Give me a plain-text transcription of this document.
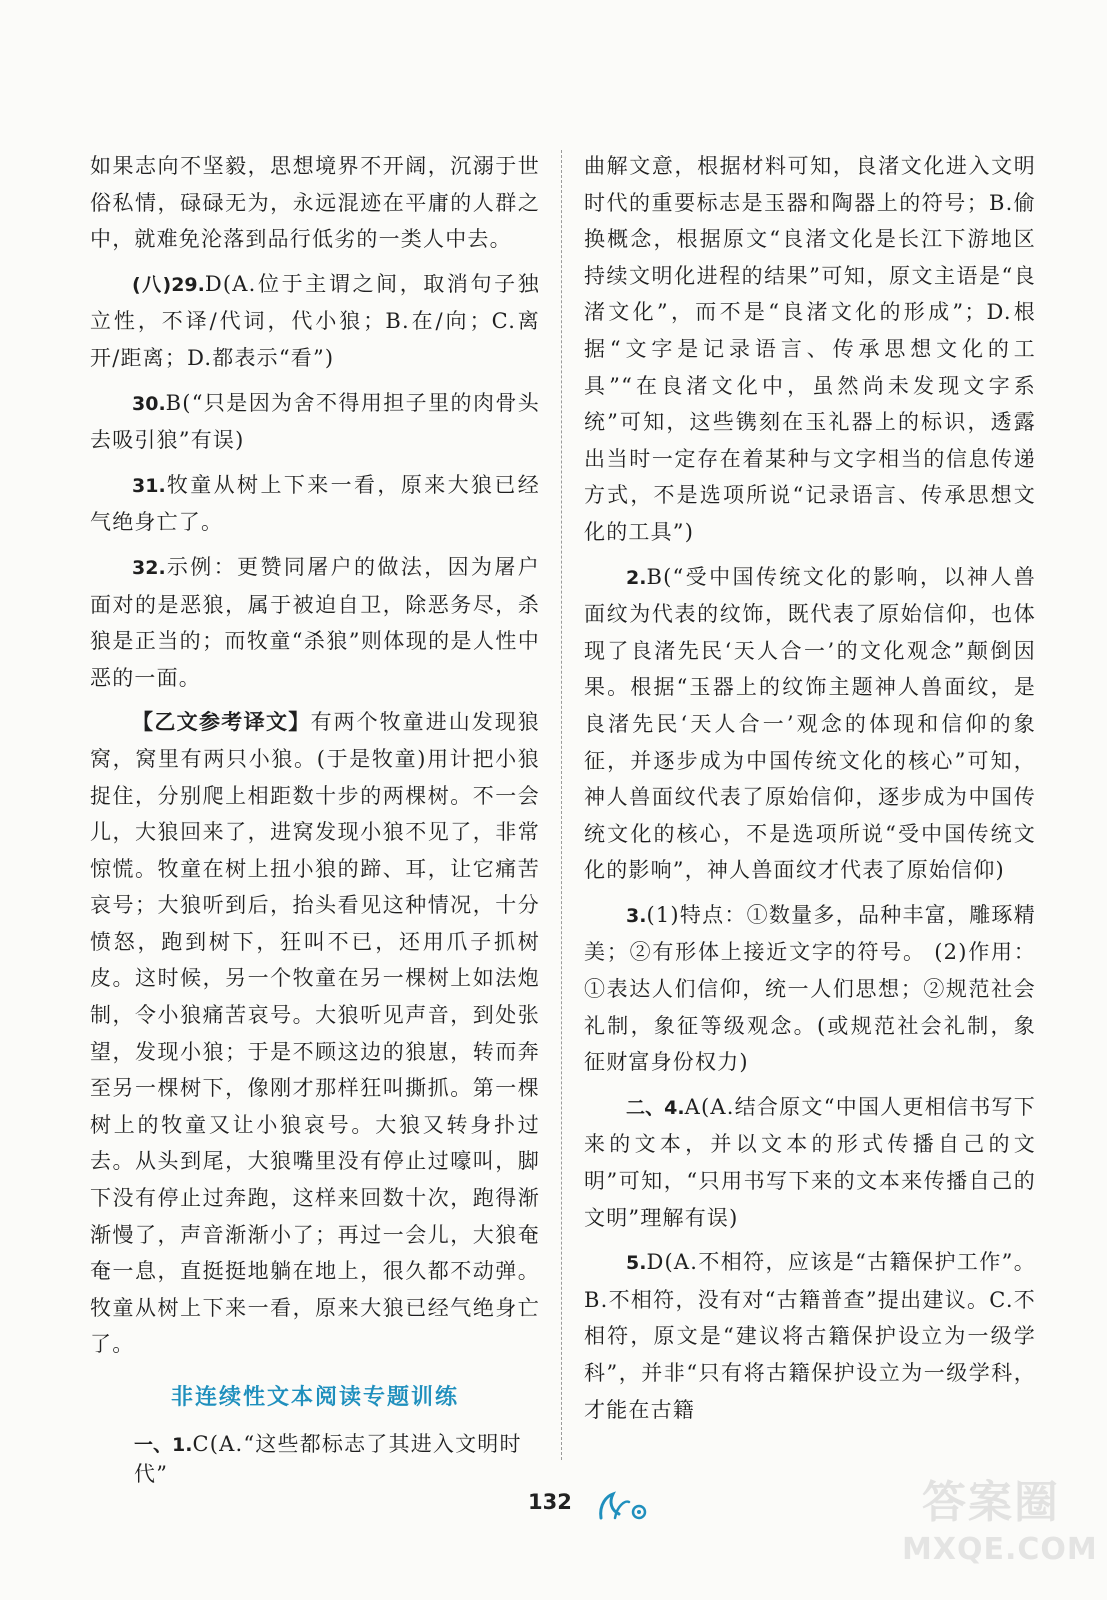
如果志向不坚毅，思想境界不开阔，沉溺于世俗私情，碌碌无为，永远混迹在平庸的人群之中，就难免沦落到品行低劣的一类人中去。

(八)29.D(A.位于主谓之间，取消句子独立性，不译/代词，代小狼；B.在/向；C.离开/距离；D.都表示“看”)

30.B(“只是因为舍不得用担子里的肉骨头去吸引狼”有误)

31.牧童从树上下来一看，原来大狼已经气绝身亡了。

32.示例：更赞同屠户的做法，因为屠户面对的是恶狼，属于被迫自卫，除恶务尽，杀狼是正当的；而牧童“杀狼”则体现的是人性中恶的一面。

【乙文参考译文】有两个牧童进山发现狼窝，窝里有两只小狼。(于是牧童)用计把小狼捉住，分别爬上相距数十步的两棵树。不一会儿，大狼回来了，进窝发现小狼不见了，非常惊慌。牧童在树上扭小狼的蹄、耳，让它痛苦哀号；大狼听到后，抬头看见这种情况，十分愤怒，跑到树下，狂叫不已，还用爪子抓树皮。这时候，另一个牧童在另一棵树上如法炮制，令小狼痛苦哀号。大狼听见声音，到处张望，发现小狼；于是不顾这边的狼崽，转而奔至另一棵树下，像刚才那样狂叫撕抓。第一棵树上的牧童又让小狼哀号。大狼又转身扑过去。从头到尾，大狼嘴里没有停止过嚎叫，脚下没有停止过奔跑，这样来回数十次，跑得渐渐慢了，声音渐渐小了；再过一会儿，大狼奄奄一息，直挺挺地躺在地上，很久都不动弹。牧童从树上下来一看，原来大狼已经气绝身亡了。

非连续性文本阅读专题训练
一、1.C(A.“这些都标志了其进入文明时代”

曲解文意，根据材料可知，良渚文化进入文明时代的重要标志是玉器和陶器上的符号；B.偷换概念，根据原文“良渚文化是长江下游地区持续文明化进程的结果”可知，原文主语是“良渚文化”，而不是“良渚文化的形成”；D.根据“文字是记录语言、传承思想文化的工具”“在良渚文化中，虽然尚未发现文字系统”可知，这些镌刻在玉礼器上的标识，透露出当时一定存在着某种与文字相当的信息传递方式，不是选项所说“记录语言、传承思想文化的工具”)

2.B(“受中国传统文化的影响，以神人兽面纹为代表的纹饰，既代表了原始信仰，也体现了良渚先民‘天人合一’的文化观念”颠倒因果。根据“玉器上的纹饰主题神人兽面纹，是良渚先民‘天人合一’观念的体现和信仰的象征，并逐步成为中国传统文化的核心”可知，神人兽面纹代表了原始信仰，逐步成为中国传统文化的核心，不是选项所说“受中国传统文化的影响”，神人兽面纹才代表了原始信仰)

3.(1)特点：①数量多，品种丰富，雕琢精美；②有形体上接近文字的符号。 (2)作用：①表达人们信仰，统一人们思想；②规范社会礼制，象征等级观念。(或规范社会礼制，象征财富身份权力)

二、4.A(A.结合原文“中国人更相信书写下来的文本，并以文本的形式传播自己的文明”可知，“只用书写下来的文本来传播自己的文明”理解有误)

5.D(A.不相符，应该是“古籍保护工作”。B.不相符，没有对“古籍普查”提出建议。C.不相符，原文是“建议将古籍保护设立为一级学科”，并非“只有将古籍保护设立为一级学科，才能在古籍

132	答案圈
MXQE.COM
